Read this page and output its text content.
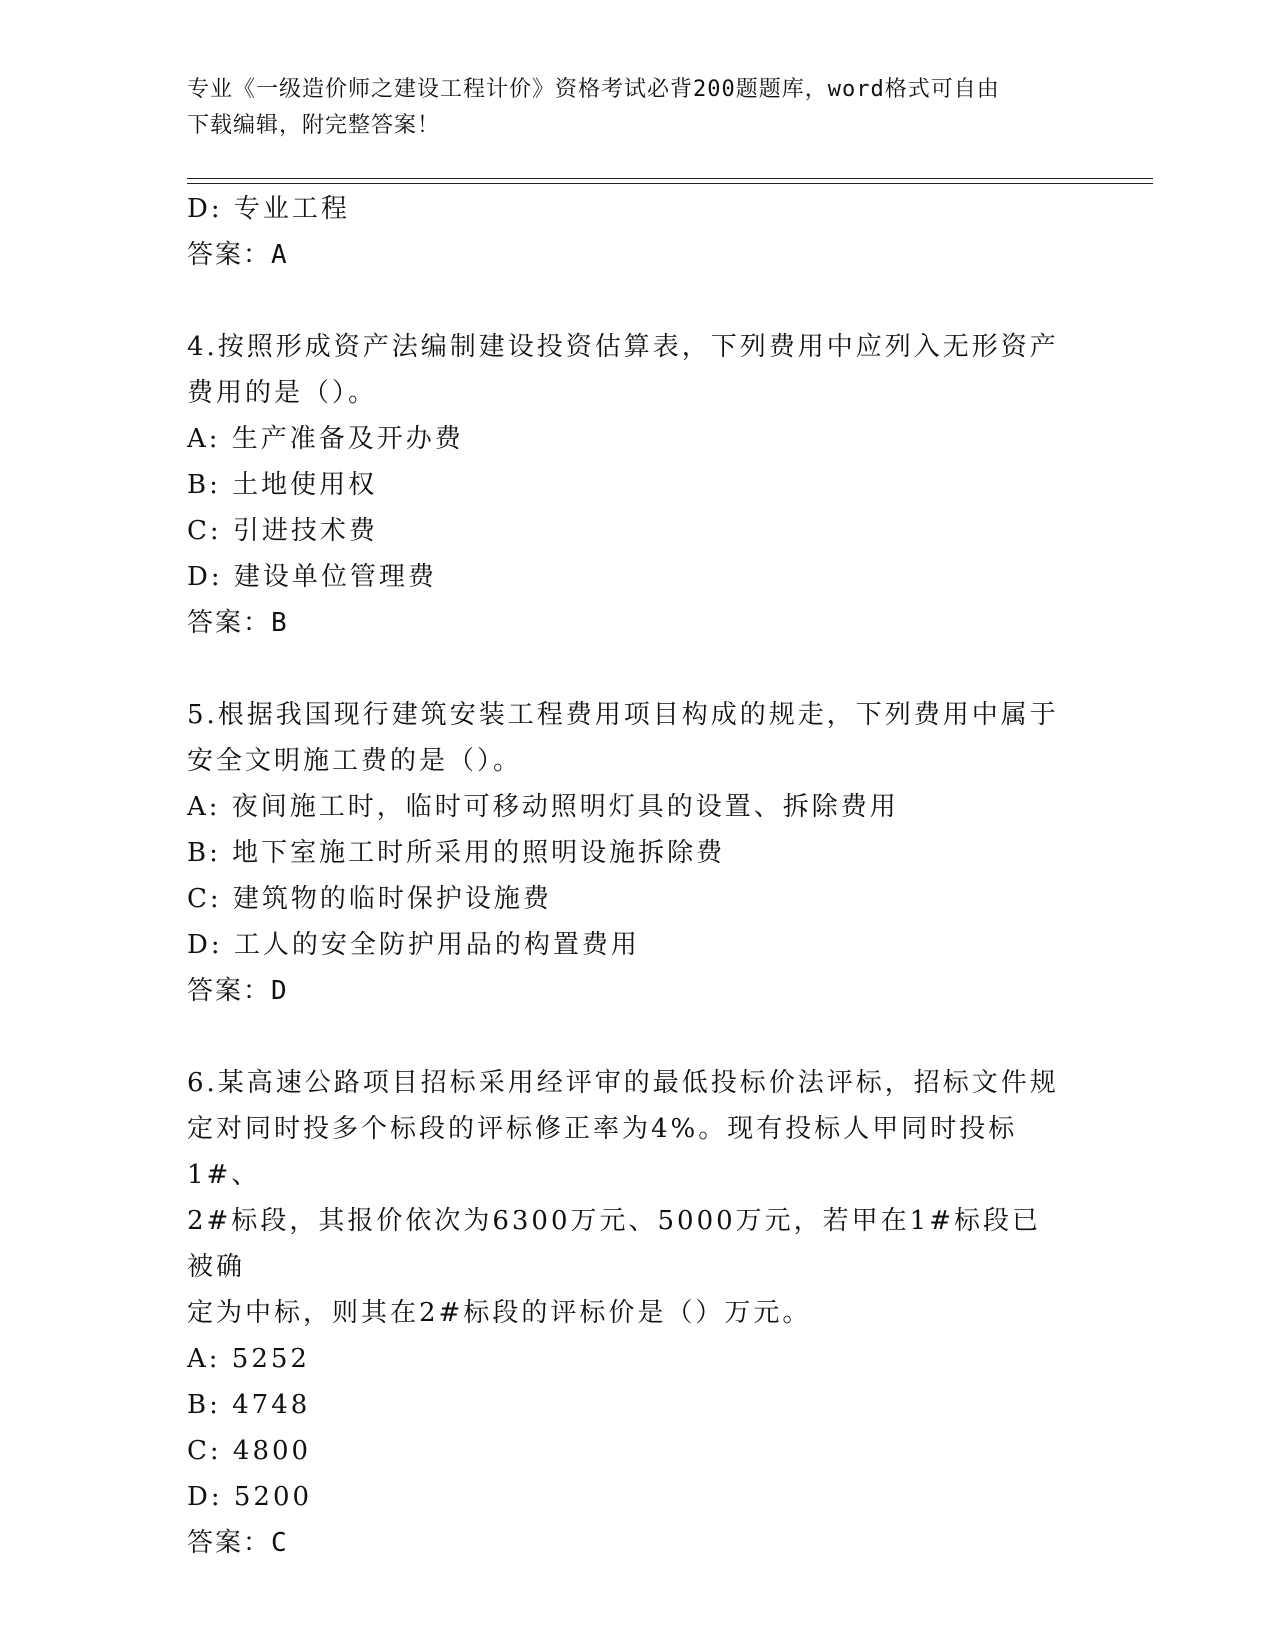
专业《一级造价师之建设工程计价》资格考试必背200题题库，word格式可自由
下载编辑，附完整答案！
D: 专业工程
答案：A
4.按照形成资产法编制建设投资估算表，下列费用中应列入无形资产
费用的是（）。
A: 生产准备及开办费
B: 土地使用权
C: 引进技术费
D: 建设单位管理费
答案：B
5.根据我国现行建筑安装工程费用项目构成的规走，下列费用中属于
安全文明施工费的是（）。
A: 夜间施工时，临时可移动照明灯具的设置、拆除费用
B: 地下室施工时所采用的照明设施拆除费
C: 建筑物的临时保护设施费
D: 工人的安全防护用品的构置费用
答案：D
6.某高速公路项目招标采用经评审的最低投标价法评标，招标文件规
定对同时投多个标段的评标修正率为4%。现有投标人甲同时投标1#、
2#标段，其报价依次为6300万元、5000万元，若甲在1#标段已被确
定为中标，则其在2#标段的评标价是（）万元。
A: 5252
B: 4748
C: 4800
D: 5200
答案：C
